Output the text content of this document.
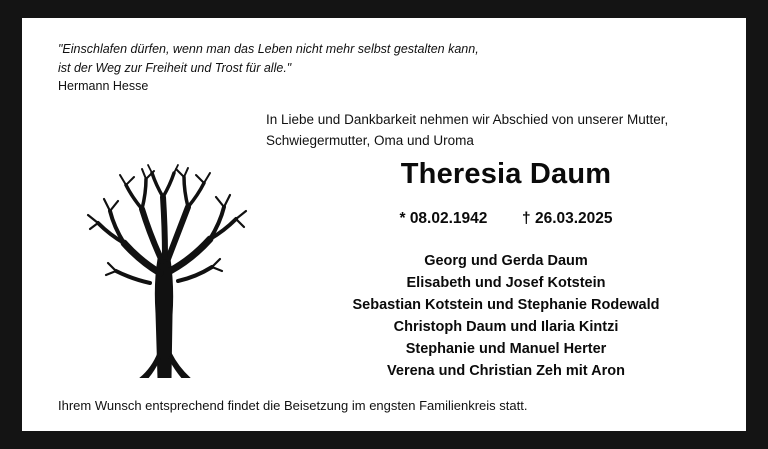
"Einschlafen dürfen, wenn man das Leben nicht mehr selbst gestalten kann,
ist der Weg zur Freiheit und Trost für alle."
Hermann Hesse
In Liebe und Dankbarkeit nehmen wir Abschied von unserer Mutter,
Schwiegermutter, Oma und Uroma
Theresia Daum
* 08.02.1942 † 26.03.2025
Georg und Gerda Daum
Elisabeth und Josef Kotstein
Sebastian Kotstein und Stephanie Rodewald
Christoph Daum und Ilaria Kintzi
Stephanie und Manuel Herter
Verena und Christian Zeh mit Aron
Ihrem Wunsch entsprechend findet die Beisetzung im engsten Familienkreis statt.
